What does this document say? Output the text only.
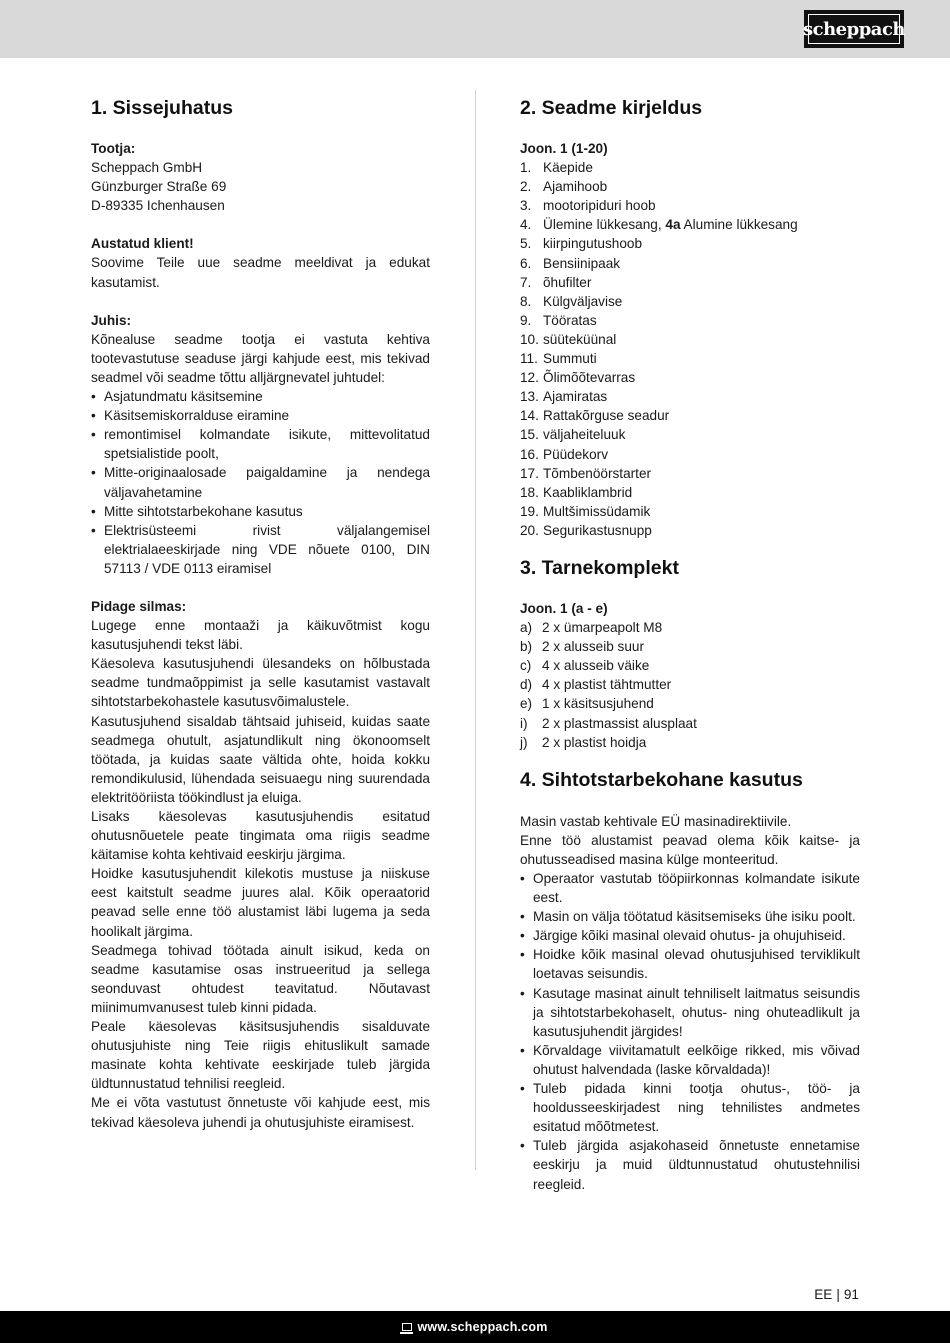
scheppach
1. Sissejuhatus
Tootja:
Scheppach GmbH
Günzburger Straße 69
D-89335 Ichenhausen
Austatud klient!

Soovime Teile uue seadme meeldivat ja edukat kasutamist.

Juhis:

Kõnealuse seadme tootja ei vastuta kehtiva tootevastutuse seaduse järgi kahjude eest, mis tekivad seadmel või seadme tõttu alljärgnevatel juhtudel:

• Asjatundmatu käsitsemine
• Käsitsemiskorralduse eiramine
• remontimisel kolmandate isikute, mittevolitatud spetsialistide poolt,
• Mitte-originaalosade paigaldamine ja nendega väljavahetamine
• Mitte sihtotstarbekohane kasutus
• Elektrisüsteemi rivist väljalangemisel elektrialaeeskirjade ning VDE nõuete 0100, DIN 57113 / VDE 0113 eiramisel
Pidage silmas:

Lugege enne montaaži ja käikuvõtmist kogu kasutusjuhendi tekst läbi.

Käesoleva kasutusjuhendi ülesandeks on hõlbustada seadme tundmaõppimist ja selle kasutamist vastavalt sihtotstarbekohastele kasutusvõimalustele.

Kasutusjuhend sisaldab tähtsaid juhiseid, kuidas saate seadmega ohutult, asjatundlikult ning ökonoomselt töötada, ja kuidas saate vältida ohte, hoida kokku remondikulusid, lühendada seisuaegu ning suurendada elektritööriista töökindlust ja eluiga.

Lisaks käesolevas kasutusjuhendis esitatud ohutusnõuetele peate tingimata oma riigis seadme käitamise kohta kehtivaid eeskirju järgima.

Hoidke kasutusjuhendit kilekotis mustuse ja niiskuse eest kaitstult seadme juures alal. Kõik operaatorid peavad selle enne töö alustamist läbi lugema ja seda hoolikalt järgima.

Seadmega tohivad töötada ainult isikud, keda on seadme kasutamise osas instrueeritud ja sellega seonduvast ohtudest teavitatud. Nõutavast miinimumvanusest tuleb kinni pidada.

Peale käesolevas käsitsusjuhendis sisalduvate ohutusjuhiste ning Teie riigis ehituslikult samade masinate kohta kehtivate eeskirjade tuleb järgida üldtunnustatud tehnilisi reegleid.

Me ei võta vastutust õnnetuste või kahjude eest, mis tekivad käesoleva juhendi ja ohutusjuhiste eiramisest.

2. Seadme kirjeldus
Joon. 1 (1-20)
1. Käepide
2. Ajamihoob
3. mootoripiduri hoob
4. Ülemine lükkesang, 4a Alumine lükkesang
5. kiirpingutushoob
6. Bensiinipaak
7. õhufilter
8. Külgväljavise
9. Tööratas
10. süüteküünal
11. Summuti
12. Õlimõõtevarras
13. Ajamiratas
14. Rattakõrguse seadur
15. väljaheiteluuk
16. Püüdekorv
17. Tõmbenöörstarter
18. Kaabliklambrid
19. Multšimissüdamik
20. Segurikastusnupp
3. Tarnekomplekt
Joon. 1 (a - e)
a) 2 x ümarpeapolt M8
b) 2 x alusseib suur
c) 4 x alusseib väike
d) 4 x plastist tähtmutter
e) 1 x käsitsusjuhend
i)	2 x plastmassist alusplaat
j)	2 x plastist hoidja
4. Sihtotstarbekohane kasutus

Masin vastab kehtivale EÜ masinadirektiivile.

Enne töö alustamist peavad olema kõik kaitse- ja ohutusseadised masina külge monteeritud.

• Operaator vastutab tööpiirkonnas kolmandate isikute eest.
• Masin on välja töötatud käsitsemiseks ühe isiku poolt.
• Järgige kõiki masinal olevaid ohutus- ja ohujuhiseid.
• Hoidke kõik masinal olevad ohutusjuhised terviklikult loetavas seisundis.
• Kasutage masinat ainult tehniliselt laitmatus seisundis ja sihtotstarbekohaselt, ohutus- ning ohuteadlikult ja kasutusjuhendit järgides!
• Kõrvaldage viivitamatult eelkõige rikked, mis võivad ohutust halvendada (laske kõrvaldada)!
• Tuleb pidada kinni tootja ohutus-, töö- ja hooldusseeskirjadest ning tehnilistes andmetes esitatud mõõtmetest.
• Tuleb järgida asjakohaseid õnnetuste ennetamise eeskirju ja muid üldtunnustatud ohutustehnilisi reegleid.
EE | 91
www.scheppach.com
